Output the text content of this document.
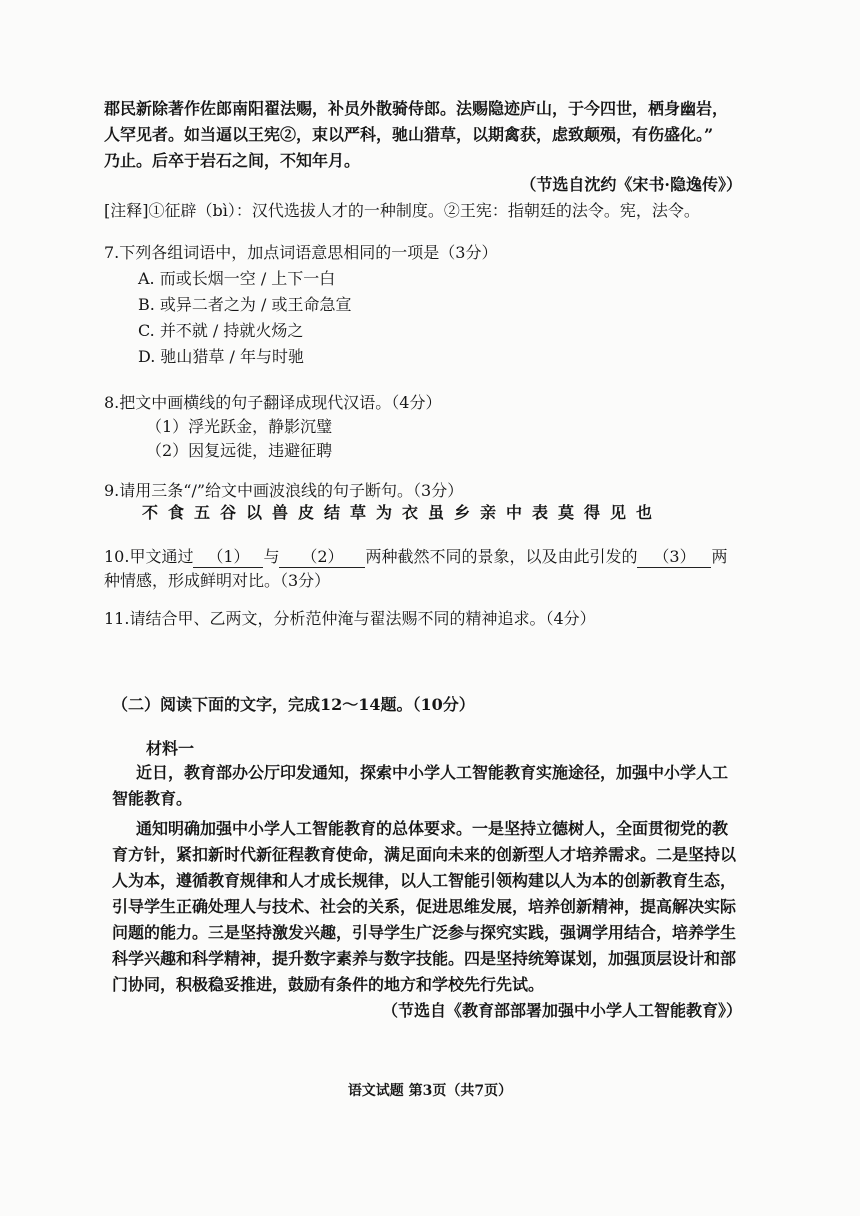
郡民新除著作佐郎南阳翟法赐，补员外散骑侍郎。法赐隐迹庐山，于今四世，栖身幽岩，
人罕见者。如当逼以王宪②，束以严科，驰山猎草，以期禽获，虑致颠殒，有伤盛化。”
乃止。后卒于岩石之间，不知年月。
（节选自沈约《宋书·隐逸传》）
[注释]①征辟（bì）：汉代选拔人才的一种制度。②王宪：指朝廷的法令。宪，法令。
7.下列各组词语中，加点词语意思相同的一项是（3分）
A. 而或长烟一空 / 上下一白
B. 或异二者之为 / 或王命急宣
C. 并不就 / 持就火炀之
D. 驰山猎草 / 年与时驰
8.把文中画横线的句子翻译成现代汉语。（4分）
（1）浮光跃金，静影沉璧
（2）因复远徙，违避征聘
9.请用三条“/”给文中画波浪线的句子断句。（3分）
不食五谷以兽皮结草为衣虽乡亲中表莫得见也
10.甲文通过 （1） 与 （2） 两种截然不同的景象，以及由此引发的 （3） 两
种情感，形成鲜明对比。（3分）
11.请结合甲、乙两文，分析范仲淹与翟法赐不同的精神追求。（4分）
（二）阅读下面的文字，完成12～14题。（10分）
材料一
近日，教育部办公厅印发通知，探索中小学人工智能教育实施途径，加强中小学人工
智能教育。
通知明确加强中小学人工智能教育的总体要求。一是坚持立德树人，全面贯彻党的教
育方针，紧扣新时代新征程教育使命，满足面向未来的创新型人才培养需求。二是坚持以
人为本，遵循教育规律和人才成长规律，以人工智能引领构建以人为本的创新教育生态，
引导学生正确处理人与技术、社会的关系，促进思维发展，培养创新精神，提高解决实际
问题的能力。三是坚持激发兴趣，引导学生广泛参与探究实践，强调学用结合，培养学生
科学兴趣和科学精神，提升数字素养与数字技能。四是坚持统筹谋划，加强顶层设计和部
门协同，积极稳妥推进，鼓励有条件的地方和学校先行先试。
（节选自《教育部部署加强中小学人工智能教育》）
语文试题 第3页（共7页）
